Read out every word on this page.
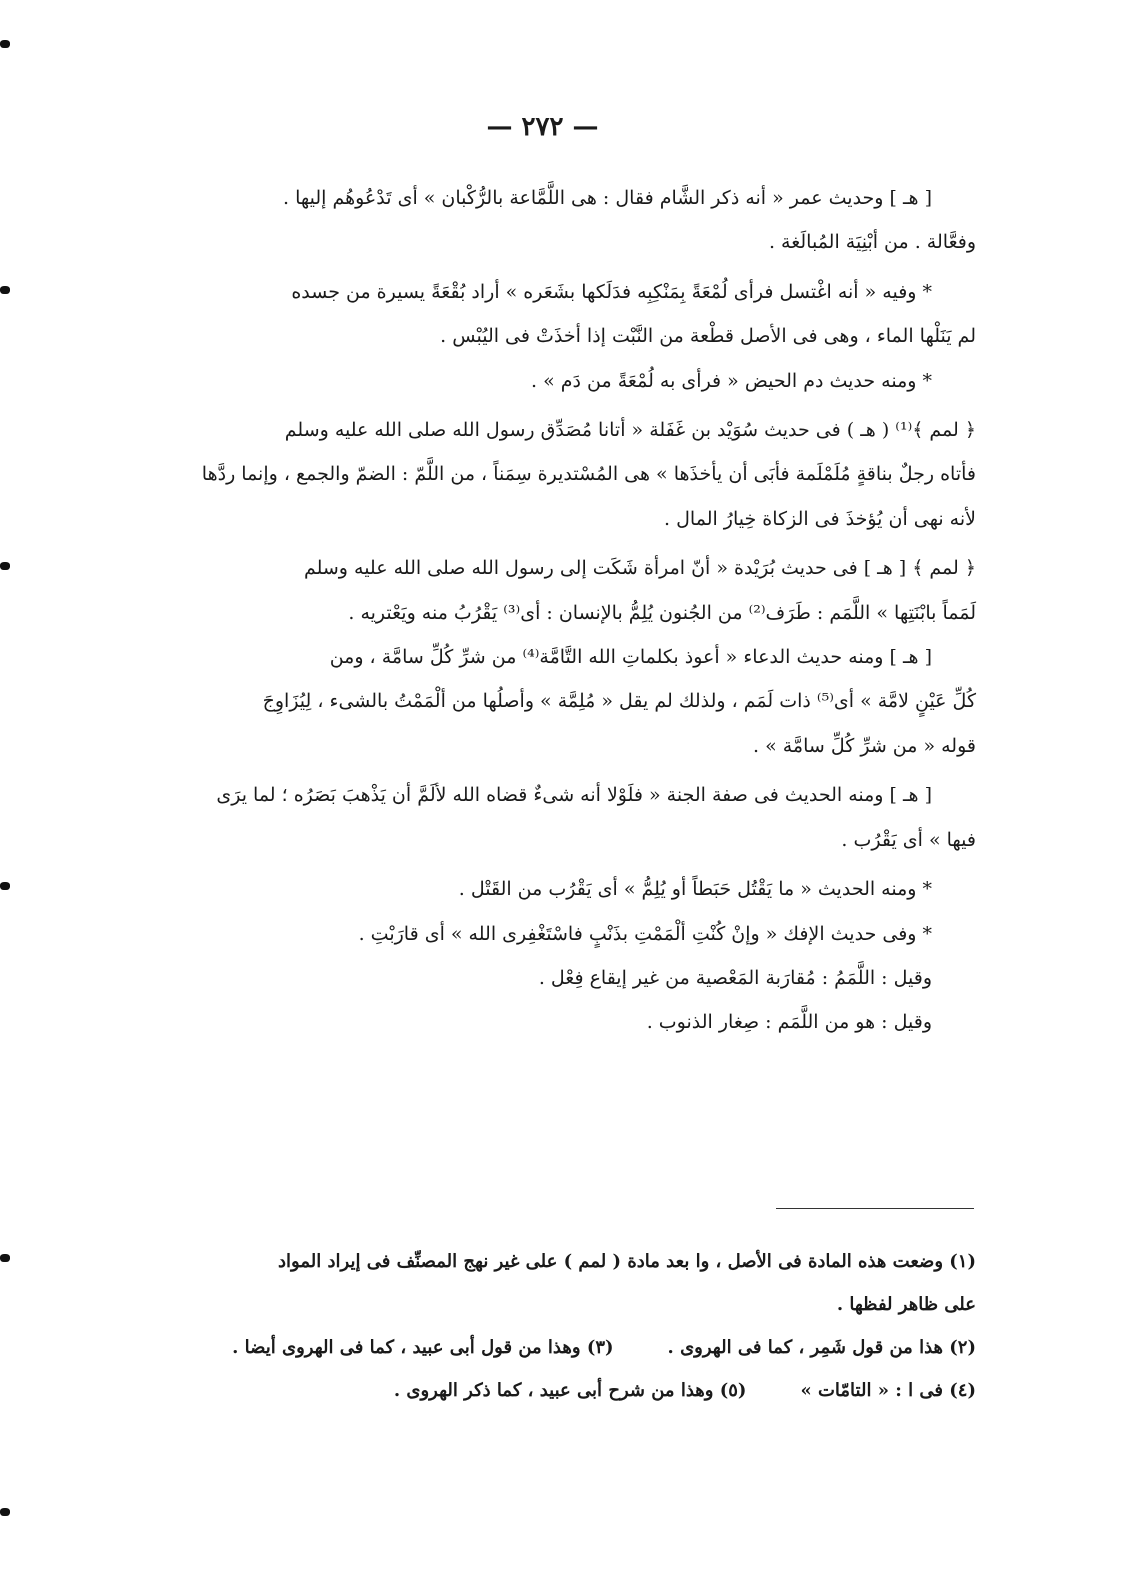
— ٢٧٢ —

[ هـ ] وحديث عمر « أنه ذكر الشَّام فقال : هى اللَّمَّاعة بالرُّكْبان » أى تَدْعُوهُم إليها .

وفعَّالة . من أبْنِيَة المُبالَغة .

* وفيه « أنه اغْتسل فرأى لُمْعَةً بِمَنْكِبِه فدَلَكها بشَعَره » أراد بُقْعَةً يسيرة من جسده

لم يَنَلْها الماء ، وهى فى الأصل قطْعة من النَّبْت إذا أخذَتْ فى اليُبْس .

* ومنه حديث دم الحيض « فرأى به لُمْعَةً من دَم » .

﴿ لمم ﴾⁽¹⁾ ( هـ ) فى حديث سُوَيْد بن غَفَلة « أتانا مُصَدِّق رسول الله صلى الله عليه وسلم

فأتاه رجلٌ بناقةٍ مُلَمْلَمة فأبَى أن يأخذَها » هى المُسْتديرة سِمَناً ، من اللَّمّ : الضمّ والجمع ، وإنما ردَّها

لأنه نهى أن يُؤخذَ فى الزكاة خِيارُ المال .

﴿ لمم ﴾ [ هـ ] فى حديث بُرَيْدة « أنّ امرأة شَكَت إلى رسول الله صلى الله عليه وسلم

لَمَماً بابْنَتِها » اللَّمَم : طَرَف⁽²⁾ من الجُنون يُلِمُّ بالإنسان : أى⁽³⁾ يَقْرُبُ منه ويَعْتريه .

[ هـ ] ومنه حديث الدعاء « أعوذ بكلماتِ الله التَّامَّة⁽⁴⁾ من شرِّ كُلِّ سامَّة ، ومن

كُلِّ عَيْنٍ لامَّة » أى⁽⁵⁾ ذات لَمَم ، ولذلك لم يقل « مُلِمَّة » وأصلُها من ألْمَمْتُ بالشىء ، لِيُزَاوِجَ

قوله « من شرِّ كُلِّ سامَّة » .

[ هـ ] ومنه الحديث فى صفة الجنة « فلَوْلا أنه شىءٌ قضاه الله لألَمَّ أن يَذْهبَ بَصَرُه ؛ لما يرَى

فيها » أى يَقْرُب .

* ومنه الحديث « ما يَقْتُل حَبَطاً أو يُلِمُّ » أى يَقْرُب من القَتْل .

* وفى حديث الإفك « وإنْ كُنْتِ ألْمَمْتِ بذَنْبٍ فاسْتَغْفِرى الله » أى قارَبْتِ .

وقيل : اللَّمَمُ : مُقارَبة المَعْصية من غير إيقاع فِعْل .

وقيل : هو من اللَّمَم : صِغار الذنوب .

(١) وضعت هذه المادة فى الأصل ، وا بعد مادة ( لمم ) على غير نهج المصنِّف فى إيراد المواد

على ظاهر لفظها .

(٢) هذا من قول شَمِر ، كما فى الهروى .
(٣) وهذا من قول أبى عبيد ، كما فى الهروى أيضا .
(٤) فى ا : « التامّات »
(٥) وهذا من شرح أبى عبيد ، كما ذكر الهروى .
